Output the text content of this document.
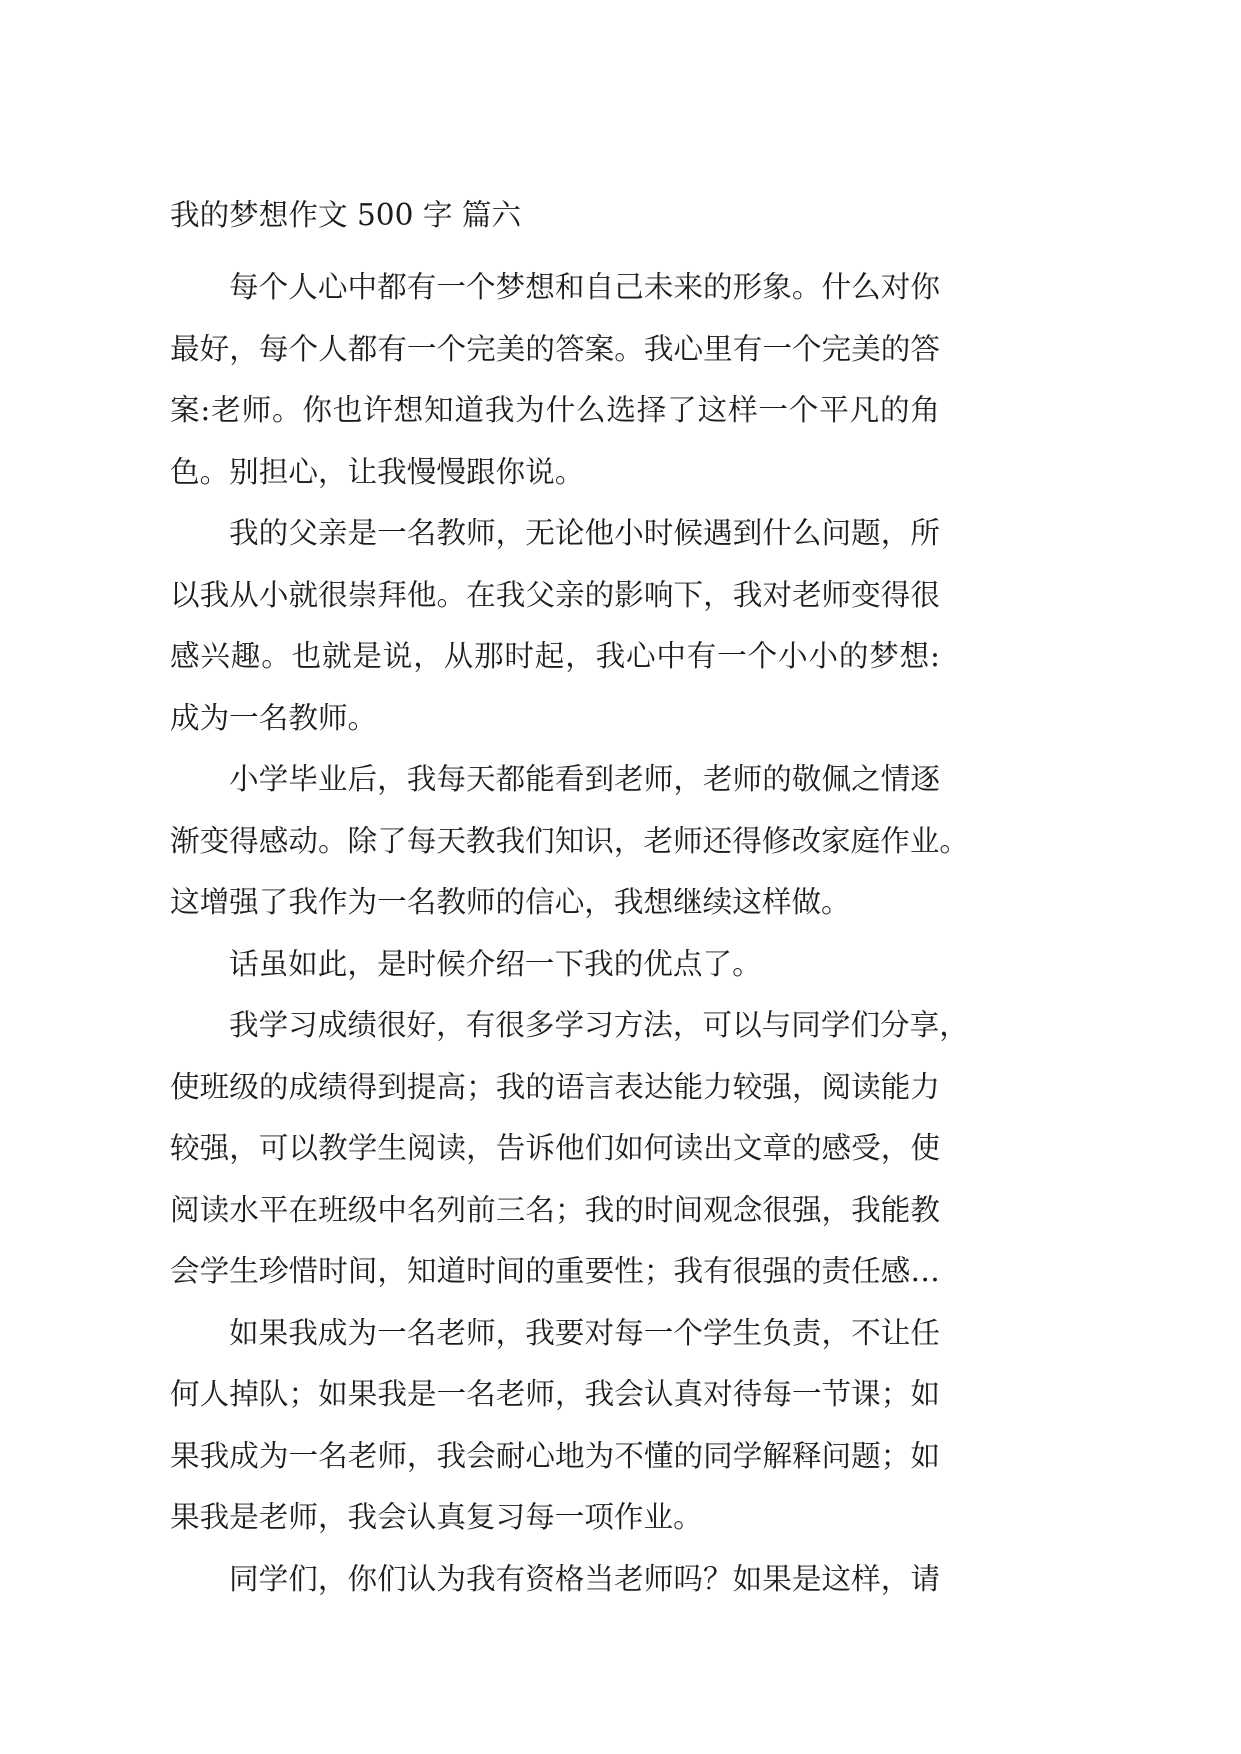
我的梦想作文 500 字 篇六
每个人心中都有一个梦想和自己未来的形象。什么对你
最好，每个人都有一个完美的答案。我心里有一个完美的答
案:老师。你也许想知道我为什么选择了这样一个平凡的角
色。别担心，让我慢慢跟你说。
我的父亲是一名教师，无论他小时候遇到什么问题，所
以我从小就很崇拜他。在我父亲的影响下，我对老师变得很
感兴趣。也就是说，从那时起，我心中有一个小小的梦想:
成为一名教师。
小学毕业后，我每天都能看到老师，老师的敬佩之情逐
渐变得感动。除了每天教我们知识，老师还得修改家庭作业。
这增强了我作为一名教师的信心，我想继续这样做。
话虽如此，是时候介绍一下我的优点了。
我学习成绩很好，有很多学习方法，可以与同学们分享，
使班级的成绩得到提高；我的语言表达能力较强，阅读能力
较强，可以教学生阅读，告诉他们如何读出文章的感受，使
阅读水平在班级中名列前三名；我的时间观念很强，我能教
会学生珍惜时间，知道时间的重要性；我有很强的责任感…
如果我成为一名老师，我要对每一个学生负责，不让任
何人掉队；如果我是一名老师，我会认真对待每一节课；如
果我成为一名老师，我会耐心地为不懂的同学解释问题；如
果我是老师，我会认真复习每一项作业。
同学们，你们认为我有资格当老师吗？如果是这样，请
